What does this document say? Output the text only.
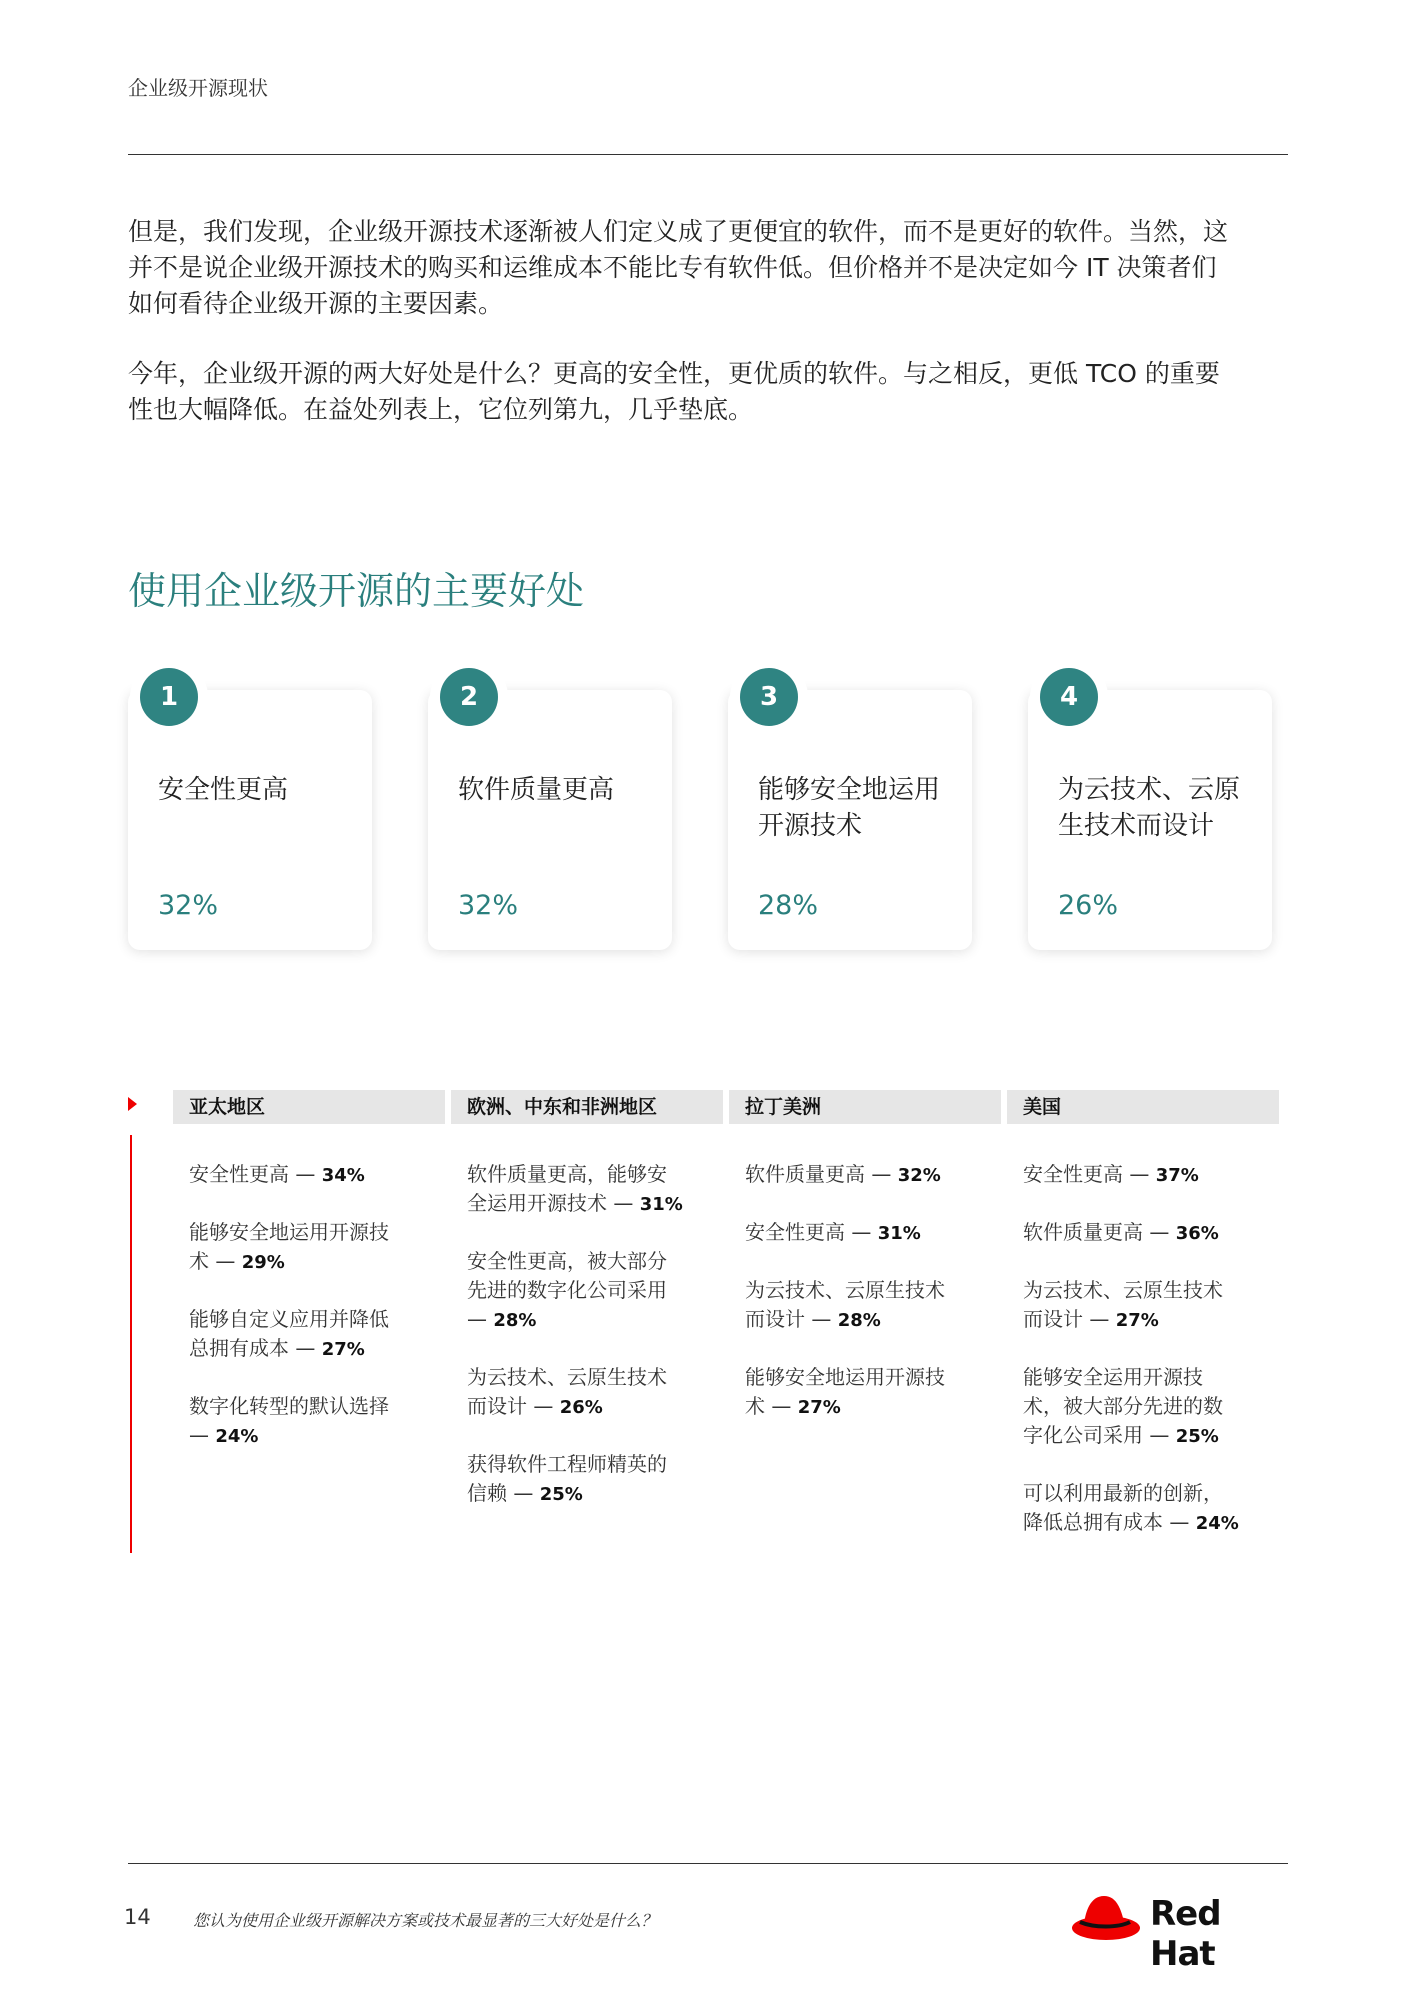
企业级开源现状

但是，我们发现，企业级开源技术逐渐被人们定义成了更便宜的软件，而不是更好的软件。当然，这
并不是说企业级开源技术的购买和运维成本不能比专有软件低。但价格并不是决定如今 IT 决策者们
如何看待企业级开源的主要因素。

今年，企业级开源的两大好处是什么？更高的安全性，更优质的软件。与之相反，更低 TCO 的重要
性也大幅降低。在益处列表上，它位列第九，几乎垫底。

使用企业级开源的主要好处
1
安全性更高

32%
2
软件质量更高

32%
3
能够安全地运用
开源技术
28%
4
为云技术、云原
生技术而设计
26%
亚太地区
安全性更高 — 34%
能够安全地运用开源技
术 — 29%
能够自定义应用并降低
总拥有成本 — 27%
数字化转型的默认选择
— 24%
欧洲、中东和非洲地区
软件质量更高，能够安
全运用开源技术 — 31%
安全性更高，被大部分
先进的数字化公司采用
— 28%
为云技术、云原生技术
而设计 — 26%
获得软件工程师精英的
信赖 — 25%
拉丁美洲
软件质量更高 — 32%
安全性更高 — 31%
为云技术、云原生技术
而设计 — 28%
能够安全地运用开源技
术 — 27%
美国
安全性更高 — 37%
软件质量更高 — 36%
为云技术、云原生技术
而设计 — 27%
能够安全运用开源技
术，被大部分先进的数
字化公司采用 — 25%
可以利用最新的创新，
降低总拥有成本 — 24%
14	您认为使用企业级开源解决方案或技术最显著的三大好处是什么？	Red Hat
